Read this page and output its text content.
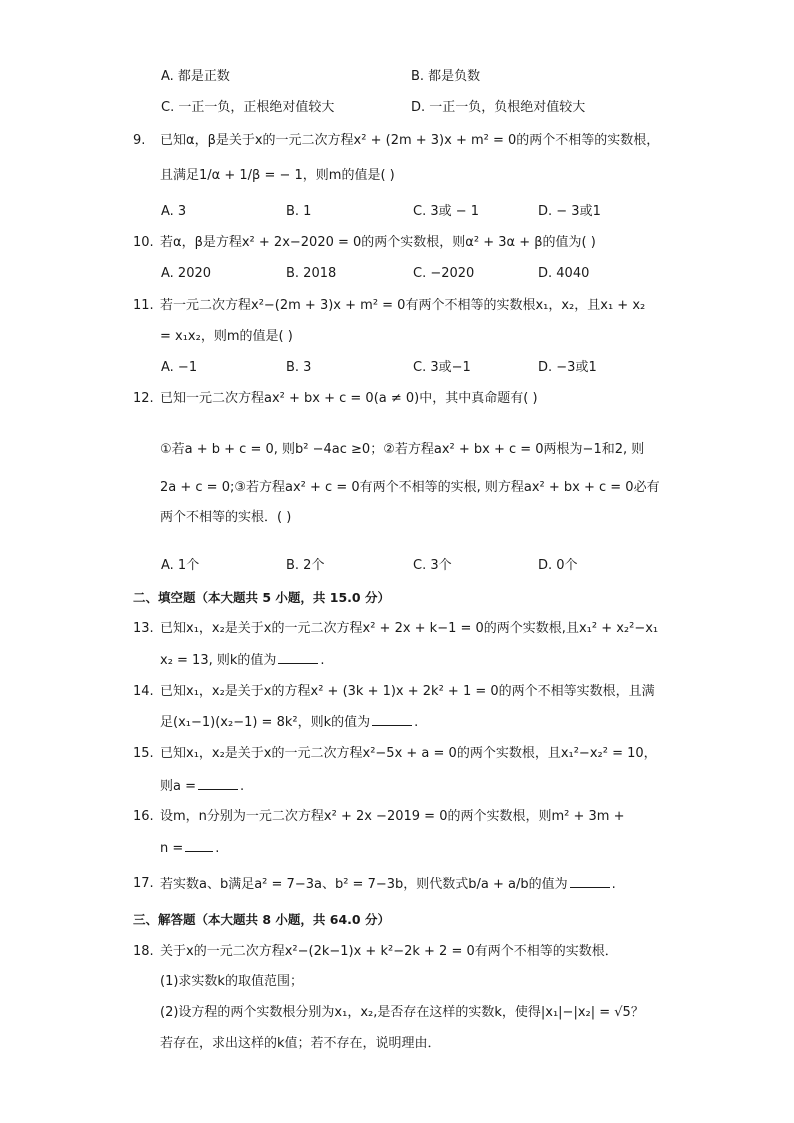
A. 都是正数	B. 都是负数
C. 一正一负，正根绝对值较大	D. 一正一负，负根绝对值较大
9. 已知α，β是关于x的一元二次方程x² + (2m + 3)x + m² = 0的两个不相等的实数根，
且满足1/α + 1/β = − 1，则m的值是( )
A. 3	B. 1	C. 3或 − 1	D. − 3或1
10. 若α，β是方程x² + 2x−2020 = 0的两个实数根，则α² + 3α + β的值为( )
A. 2020	B. 2018	C. −2020	D. 4040
11. 若一元二次方程x²−(2m + 3)x + m² = 0有两个不相等的实数根x₁，x₂，且x₁ + x₂
= x₁x₂，则m的值是( )
A. −1	B. 3	C. 3或−1	D. −3或1
12. 已知一元二次方程ax² + bx + c = 0(a ≠ 0)中，其中真命题有( )
①若a + b + c = 0, 则b² −4ac ≥0；②若方程ax² + bx + c = 0两根为−1和2, 则
2a + c = 0;③若方程ax² + c = 0有两个不相等的实根, 则方程ax² + bx + c = 0必有
两个不相等的实根．( )
A. 1个	B. 2个	C. 3个	D. 0个
二、填空题（本大题共 5 小题，共 15.0 分）
13. 已知x₁，x₂是关于x的一元二次方程x² + 2x + k−1 = 0的两个实数根,且x₁² + x₂²−x₁
x₂ = 13, 则k的值为	.
14. 已知x₁，x₂是关于x的方程x² + (3k + 1)x + 2k² + 1 = 0的两个不相等实数根，且满
足(x₁−1)(x₂−1) = 8k²，则k的值为	.
15. 已知x₁，x₂是关于x的一元二次方程x²−5x + a = 0的两个实数根，且x₁²−x₂² = 10，
则a =	.
16. 设m，n分别为一元二次方程x² + 2x −2019 = 0的两个实数根，则m² + 3m +
n = .
17. 若实数a、b满足a² = 7−3a、b² = 7−3b，则代数式b/a + a/b的值为	.
三、解答题（本大题共 8 小题，共 64.0 分）
18. 关于x的一元二次方程x²−(2k−1)x + k²−2k + 2 = 0有两个不相等的实数根．
(1)求实数k的取值范围；
(2)设方程的两个实数根分别为x₁，x₂,是否存在这样的实数k，使得|x₁|−|x₂| = √5？
若存在，求出这样的k值；若不存在，说明理由．
